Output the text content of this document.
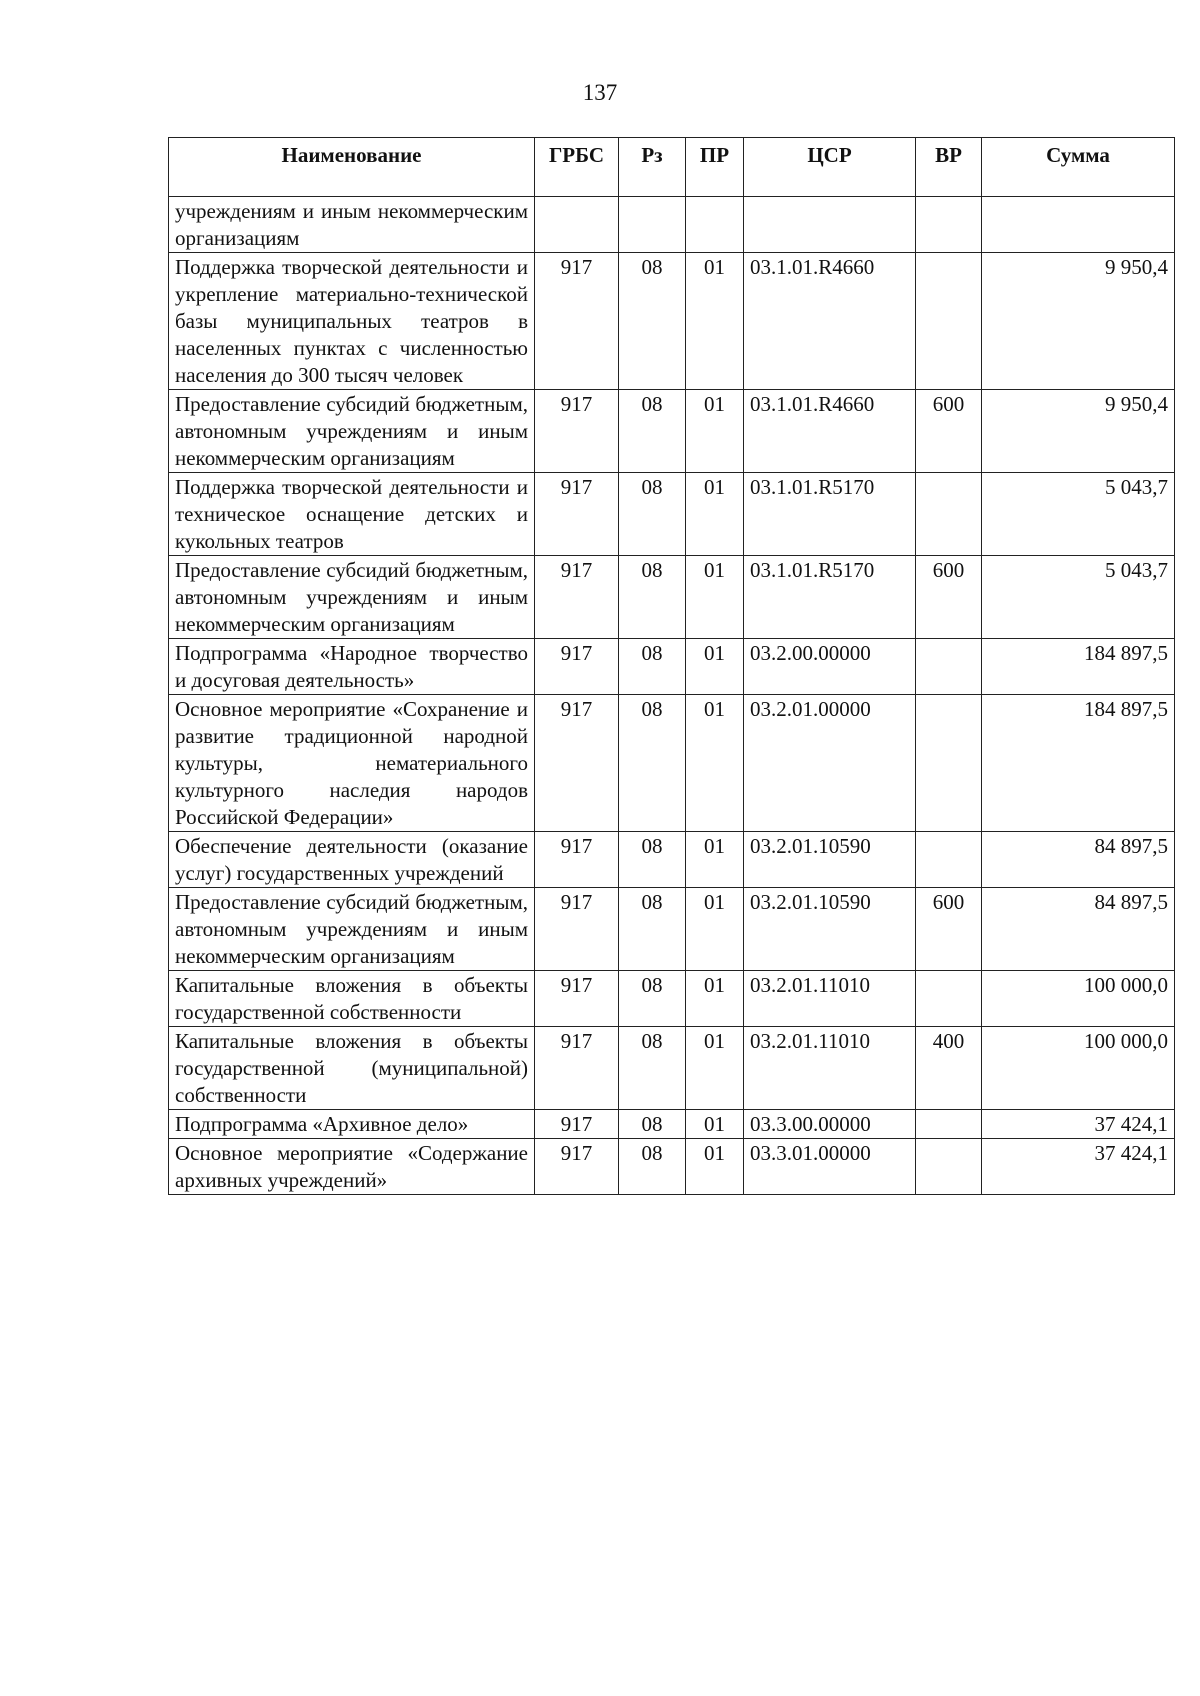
137
Наименование	ГРБС	Рз	ПР	ЦСР	ВР	Сумма
учреждениям и иным некоммерческим организациям						
Поддержка творческой деятельности и укрепление материально-технической базы муниципальных театров в населенных пунктах с численностью населения до 300 тысяч человек	917	08	01	03.1.01.R4660		9 950,4
Предоставление субсидий бюджетным, автономным учреждениям и иным некоммерческим организациям	917	08	01	03.1.01.R4660	600	9 950,4
Поддержка творческой деятельности и техническое оснащение детских и кукольных театров	917	08	01	03.1.01.R5170		5 043,7
Предоставление субсидий бюджетным, автономным учреждениям и иным некоммерческим организациям	917	08	01	03.1.01.R5170	600	5 043,7
Подпрограмма «Народное творчество и досуговая деятельность»	917	08	01	03.2.00.00000		184 897,5
Основное мероприятие «Сохранение и развитие традиционной народной культуры, нематериального культурного наследия народов Российской Федерации»	917	08	01	03.2.01.00000		184 897,5
Обеспечение деятельности (оказание услуг) государственных учреждений	917	08	01	03.2.01.10590		84 897,5
Предоставление субсидий бюджетным, автономным учреждениям и иным некоммерческим организациям	917	08	01	03.2.01.10590	600	84 897,5
Капитальные вложения в объекты государственной собственности	917	08	01	03.2.01.11010		100 000,0
Капитальные вложения в объекты государственной (муниципальной) собственности	917	08	01	03.2.01.11010	400	100 000,0
Подпрограмма «Архивное дело»	917	08	01	03.3.00.00000		37 424,1
Основное мероприятие «Содержание архивных учреждений»	917	08	01	03.3.01.00000		37 424,1
